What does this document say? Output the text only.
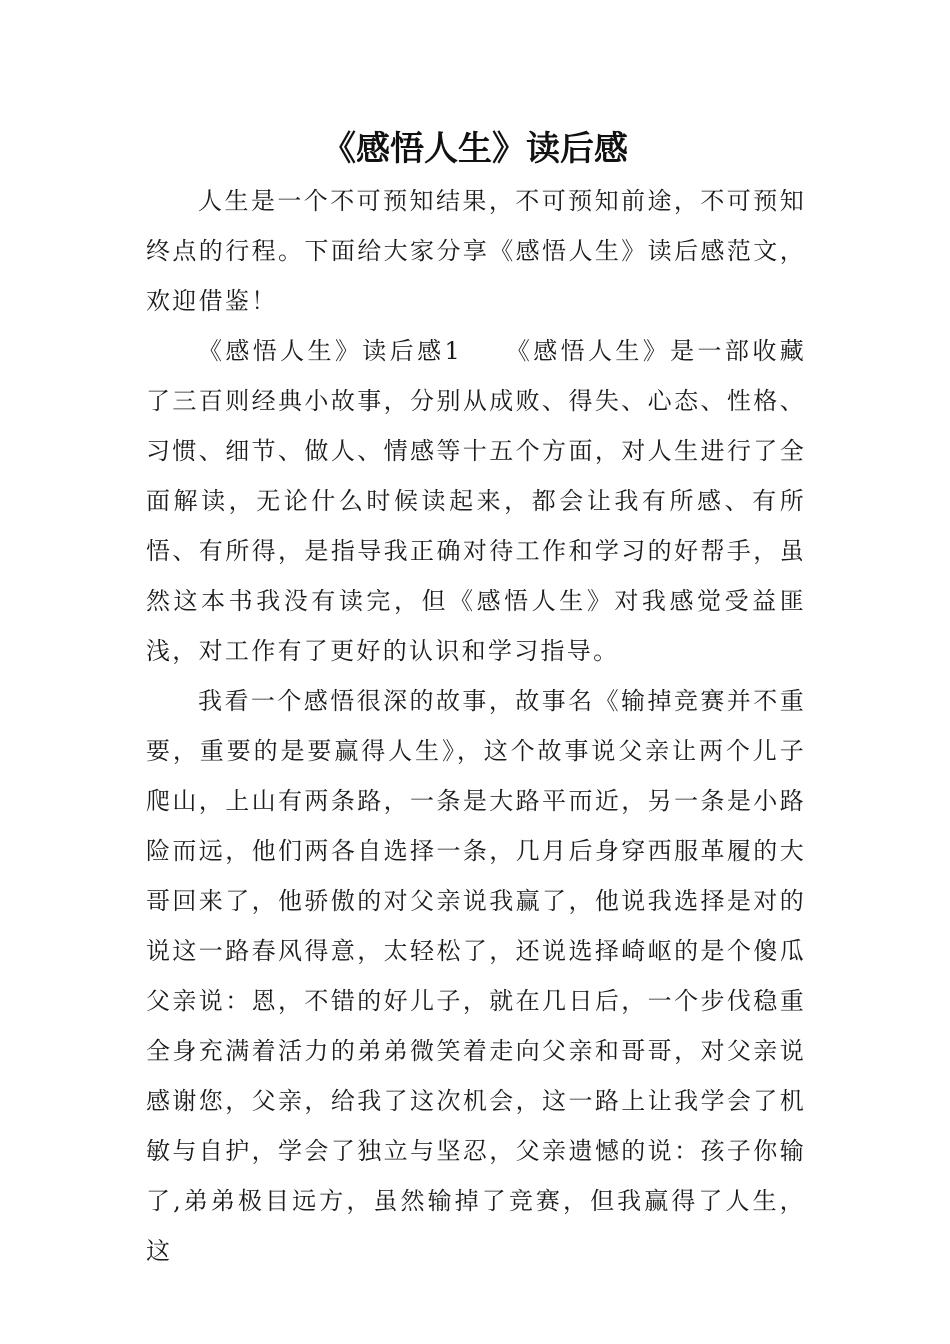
《感悟人生》读后感

人生是一个不可预知结果，不可预知前途，不可预知终点的行程。下面给大家分享《感悟人生》读后感范文，欢迎借鉴！

《感悟人生》读后感1　　《感悟人生》是一部收藏了三百则经典小故事，分别从成败、得失、心态、性格、习惯、细节、做人、情感等十五个方面，对人生进行了全面解读，无论什么时候读起来，都会让我有所感、有所悟、有所得，是指导我正确对待工作和学习的好帮手，虽然这本书我没有读完，但《感悟人生》对我感觉受益匪浅，对工作有了更好的认识和学习指导。

我看一个感悟很深的故事，故事名《输掉竞赛并不重要，重要的是要赢得人生》，这个故事说父亲让两个儿子爬山，上山有两条路，一条是大路平而近，另一条是小路险而远，他们两各自选择一条，几月后身穿西服革履的大哥回来了，他骄傲的对父亲说我赢了，他说我选择是对的说这一路春风得意，太轻松了，还说选择崎岖的是个傻瓜父亲说：恩，不错的好儿子，就在几日后，一个步伐稳重全身充满着活力的弟弟微笑着走向父亲和哥哥，对父亲说感谢您，父亲，给我了这次机会，这一路上让我学会了机敏与自护，学会了独立与坚忍，父亲遗憾的说：孩子你输了,弟弟极目远方，虽然输掉了竞赛，但我赢得了人生，这
